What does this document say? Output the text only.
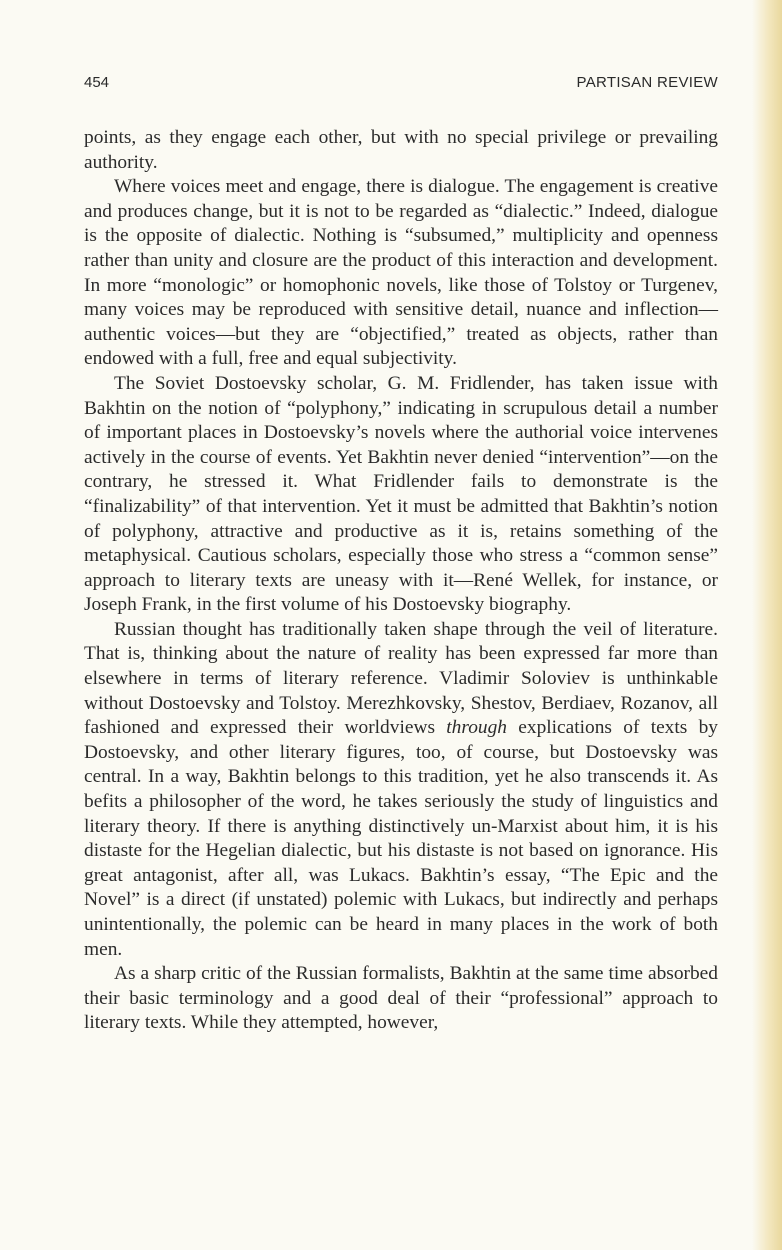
454	PARTISAN REVIEW

points, as they engage each other, but with no special privilege or prevailing authority.

Where voices meet and engage, there is dialogue. The engagement is creative and produces change, but it is not to be regarded as “dialectic.” Indeed, dialogue is the opposite of dialectic. Nothing is “subsumed,” multiplicity and openness rather than unity and closure are the product of this interaction and development. In more “monologic” or homophonic novels, like those of Tolstoy or Turgenev, many voices may be reproduced with sensitive detail, nuance and inflection—authentic voices—but they are “objectified,” treated as objects, rather than endowed with a full, free and equal subjectivity.

The Soviet Dostoevsky scholar, G. M. Fridlender, has taken issue with Bakhtin on the notion of “polyphony,” indicating in scrupulous detail a number of important places in Dostoevsky’s novels where the authorial voice intervenes actively in the course of events. Yet Bakhtin never denied “intervention”—on the contrary, he stressed it. What Fridlender fails to demonstrate is the “finalizability” of that intervention. Yet it must be admitted that Bakhtin’s notion of polyphony, attractive and productive as it is, retains something of the metaphysical. Cautious scholars, especially those who stress a “common sense” approach to literary texts are uneasy with it—René Wellek, for instance, or Joseph Frank, in the first volume of his Dostoevsky biography.

Russian thought has traditionally taken shape through the veil of literature. That is, thinking about the nature of reality has been expressed far more than elsewhere in terms of literary reference. Vladimir Soloviev is unthinkable without Dostoevsky and Tolstoy. Merezhkovsky, Shestov, Berdiaev, Rozanov, all fashioned and expressed their worldviews through explications of texts by Dostoevsky, and other literary figures, too, of course, but Dostoevsky was central. In a way, Bakhtin belongs to this tradition, yet he also transcends it. As befits a philosopher of the word, he takes seriously the study of linguistics and literary theory. If there is anything distinctively un-Marxist about him, it is his distaste for the Hegelian dialectic, but his distaste is not based on ignorance. His great antagonist, after all, was Lukacs. Bakhtin’s essay, “The Epic and the Novel” is a direct (if unstated) polemic with Lukacs, but indirectly and perhaps unintentionally, the polemic can be heard in many places in the work of both men.

As a sharp critic of the Russian formalists, Bakhtin at the same time absorbed their basic terminology and a good deal of their “professional” approach to literary texts. While they attempted, however,
